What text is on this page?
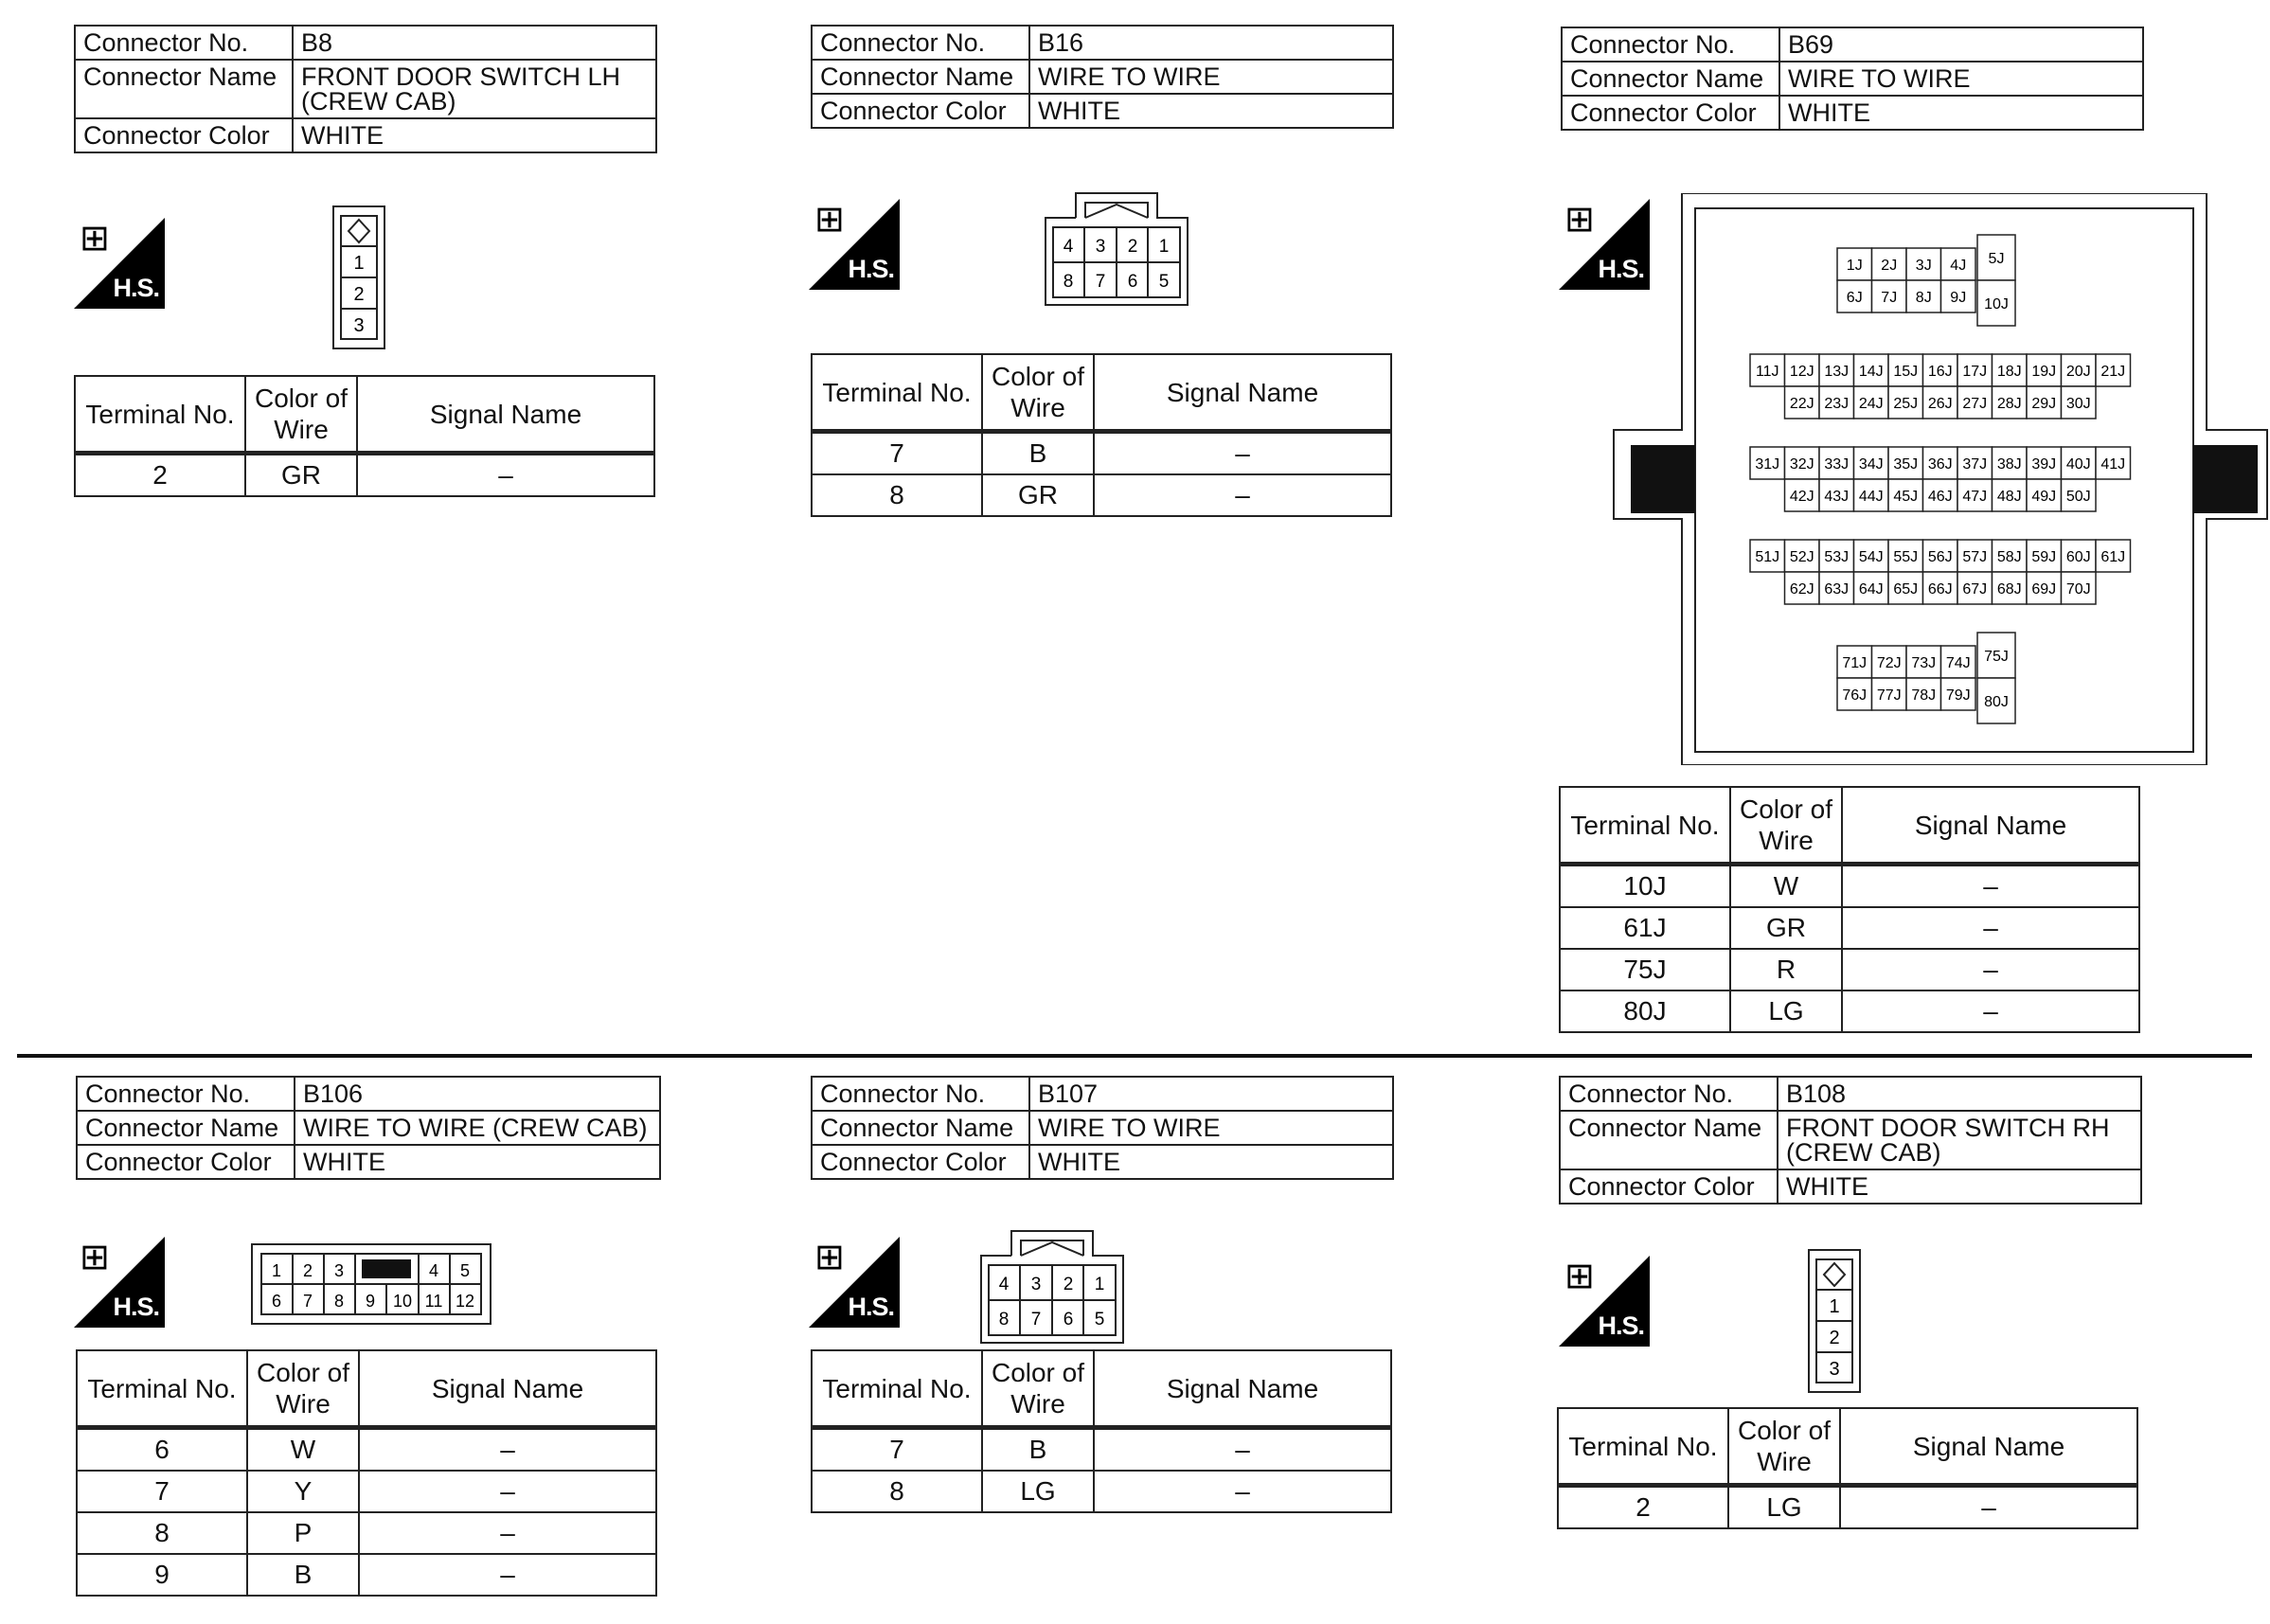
Connector No.	B8
Connector Name	FRONT DOOR SWITCH LH
(CREW CAB)

Connector Color	WHITE
⊞
H.S.
1
2
3
Terminal No.	Color of Wire	Signal Name
2	GR	–
Connector No.	B16
Connector Name	WIRE TO WIRE
Connector Color	WHITE
⊞
H.S.
4 3 2 1
8 7 6 5
Terminal No.	Color of Wire	Signal Name
7	B	–
8	GR	–
Connector No.	B69
Connector Name	WIRE TO WIRE
Connector Color	WHITE
⊞
H.S.	1J 2J 3J 4J
6J 7J 8J 9J
5J
10J
11J 12J 13J 14J 15J 16J 17J 18J 19J 20J 21J
22J 23J 24J 25J 26J 27J 28J 29J 30J
31J 32J 33J 34J 35J 36J 37J 38J 39J 40J 41J
42J 43J 44J 45J 46J 47J 48J 49J 50J
51J 52J 53J 54J 55J 56J 57J 58J 59J 60J 61J
62J 63J 64J 65J 66J 67J 68J 69J 70J
71J 72J 73J 74J
76J 77J 78J 79J
75J
80J
Terminal No.	Color of Wire	Signal Name
10J	W	–
61J	GR	–
75J	R	–
80J	LG	–
Connector No.	B106
Connector Name	WIRE TO WIRE (CREW CAB)
Connector Color	WHITE
⊞
H.S.
1 2 3	4 5
6 7 8 9 10 11 12
Terminal No.	Color of Wire	Signal Name
6	W	–
7	Y	–
8	P	–
9	B	–
Connector No.	B107
Connector Name	WIRE TO WIRE
Connector Color	WHITE
⊞
H.S.
4 3 2 1
8 7 6 5
Terminal No.	Color of Wire	Signal Name
7	B	–
8	LG	–
Connector No.	B108
Connector Name	FRONT DOOR SWITCH RH
(CREW CAB)

Connector Color	WHITE
⊞
H.S.
1
2
3
Terminal No.	Color of Wire	Signal Name
2	LG	–
